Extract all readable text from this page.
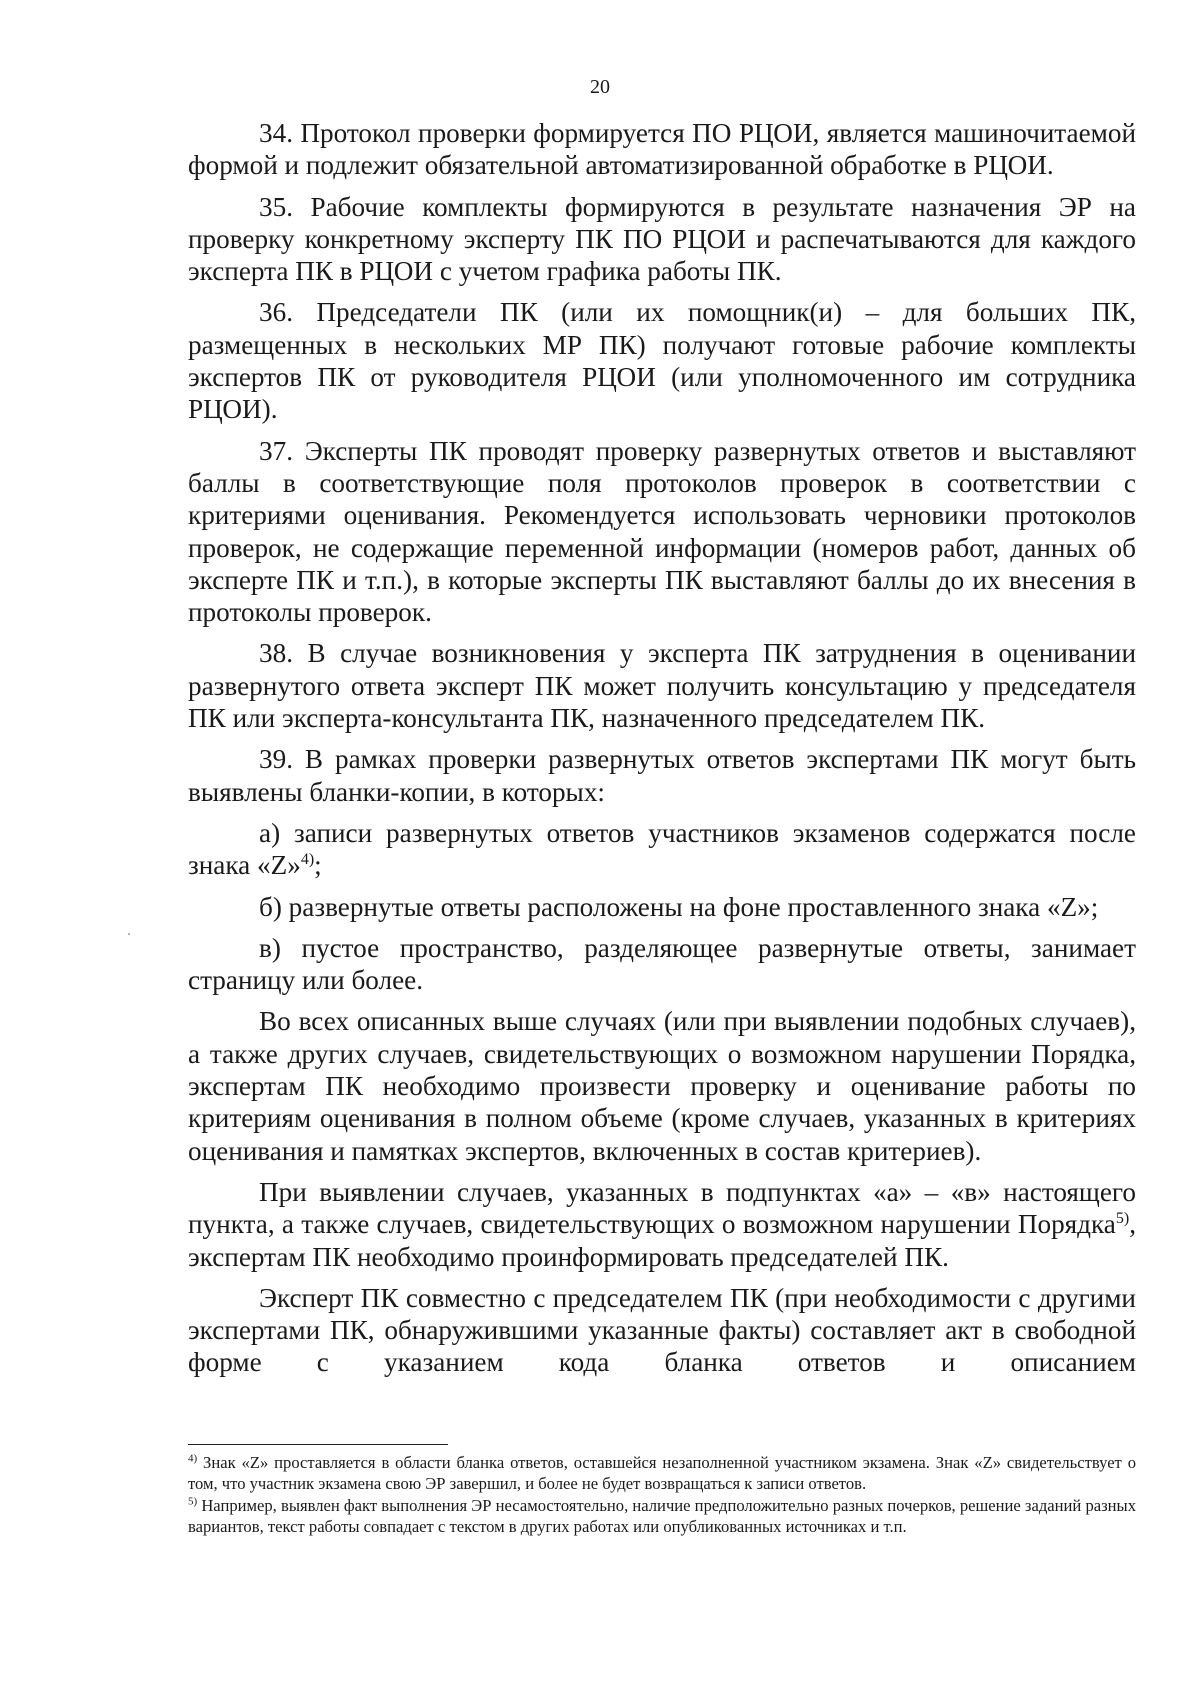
20

34. Протокол проверки формируется ПО РЦОИ, является машиночитаемой формой и подлежит обязательной автоматизированной обработке в РЦОИ.

35. Рабочие комплекты формируются в результате назначения ЭР на проверку конкретному эксперту ПК ПО РЦОИ и распечатываются для каждого эксперта ПК в РЦОИ с учетом графика работы ПК.

36. Председатели ПК (или их помощник(и) – для больших ПК, размещенных в нескольких МР ПК) получают готовые рабочие комплекты экспертов ПК от руководителя РЦОИ (или уполномоченного им сотрудника РЦОИ).

37. Эксперты ПК проводят проверку развернутых ответов и выставляют баллы в соответствующие поля протоколов проверок в соответствии с критериями оценивания. Рекомендуется использовать черновики протоколов проверок, не содержащие переменной информации (номеров работ, данных об эксперте ПК и т.п.), в которые эксперты ПК выставляют баллы до их внесения в протоколы проверок.

38. В случае возникновения у эксперта ПК затруднения в оценивании развернутого ответа эксперт ПК может получить консультацию у председателя ПК или эксперта-консультанта ПК, назначенного председателем ПК.

39. В рамках проверки развернутых ответов экспертами ПК могут быть выявлены бланки-копии, в которых:

а) записи развернутых ответов участников экзаменов содержатся после знака «Z»$^{4)}$;

б) развернутые ответы расположены на фоне проставленного знака «Z»;

в) пустое пространство, разделяющее развернутые ответы, занимает страницу или более.

Во всех описанных выше случаях (или при выявлении подобных случаев), а также других случаев, свидетельствующих о возможном нарушении Порядка, экспертам ПК необходимо произвести проверку и оценивание работы по критериям оценивания в полном объеме (кроме случаев, указанных в критериях оценивания и памятках экспертов, включенных в состав критериев).

При выявлении случаев, указанных в подпунктах «а» – «в» настоящего пункта, а также случаев, свидетельствующих о возможном нарушении Порядка$^{5)}$, экспертам ПК необходимо проинформировать председателей ПК.

Эксперт ПК совместно с председателем ПК (при необходимости с другими экспертами ПК, обнаружившими указанные факты) составляет акт в свободной форме с указанием кода бланка ответов и описанием

$^{4)}$ Знак «Z» проставляется в области бланка ответов, оставшейся незаполненной участником экзамена. Знак «Z» свидетельствует о том, что участник экзамена свою ЭР завершил, и более не будет возвращаться к записи ответов.

$^{5)}$ Например, выявлен факт выполнения ЭР несамостоятельно, наличие предположительно разных почерков, решение заданий разных вариантов, текст работы совпадает с текстом в других работах или опубликованных источниках и т.п.
